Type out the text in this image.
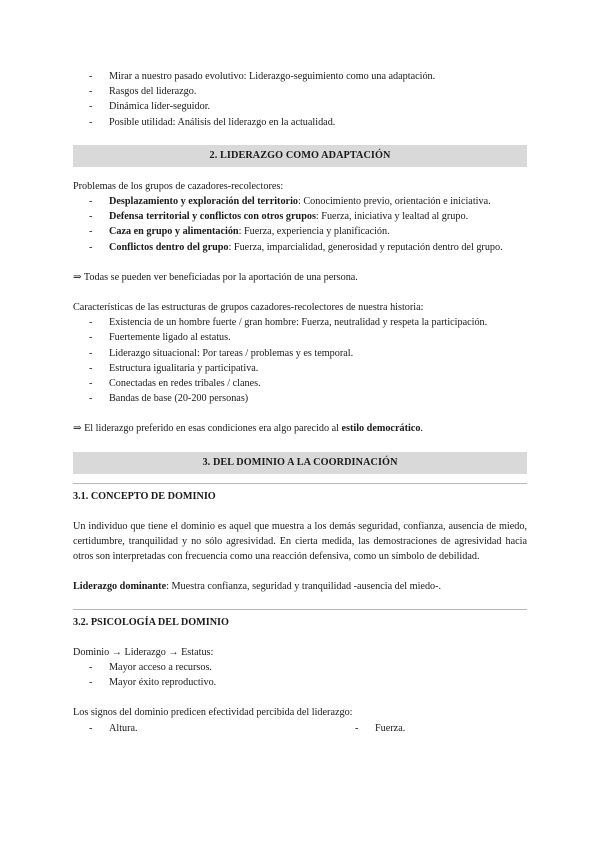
- Mirar a nuestro pasado evolutivo: Liderazgo-seguimiento como una adaptación.
- Rasgos del liderazgo.
- Dinámica líder-seguidor.
- Posible utilidad: Análisis del liderazgo en la actualidad.
2. LIDERAZGO COMO ADAPTACIÓN
Problemas de los grupos de cazadores-recolectores:
- Desplazamiento y exploración del territorio: Conocimiento previo, orientación e iniciativa.
- Defensa territorial y conflictos con otros grupos: Fuerza, iniciativa y lealtad al grupo.
- Caza en grupo y alimentación: Fuerza, experiencia y planificación.
- Conflictos dentro del grupo: Fuerza, imparcialidad, generosidad y reputación dentro del grupo.
⇒ Todas se pueden ver beneficiadas por la aportación de una persona.
Características de las estructuras de grupos cazadores-recolectores de nuestra historia:
- Existencia de un hombre fuerte / gran hombre: Fuerza, neutralidad y respeta la participación.
- Fuertemente ligado al estatus.
- Liderazgo situacional: Por tareas / problemas y es temporal.
- Estructura igualitaria y participativa.
- Conectadas en redes tribales / clanes.
- Bandas de base (20-200 personas)
⇒ El liderazgo preferido en esas condiciones era algo parecido al estilo democrático.
3. DEL DOMINIO A LA COORDINACIÓN
3.1. CONCEPTO DE DOMINIO
Un individuo que tiene el dominio es aquel que muestra a los demás seguridad, confianza, ausencia de miedo, certidumbre, tranquilidad y no sólo agresividad. En cierta medida, las demostraciones de agresividad hacia otros son interpretadas con frecuencia como una reacción defensiva, como un símbolo de debilidad.
Liderazgo dominante: Muestra confianza, seguridad y tranquilidad -ausencia del miedo-.
3.2. PSICOLOGÍA DEL DOMINIO
Dominio → Liderazgo → Estatus:
- Mayor acceso a recursos.
- Mayor éxito reproductivo.
Los signos del dominio predicen efectividad percibida del liderazgo:
- Altura.
-	Fuerza.
